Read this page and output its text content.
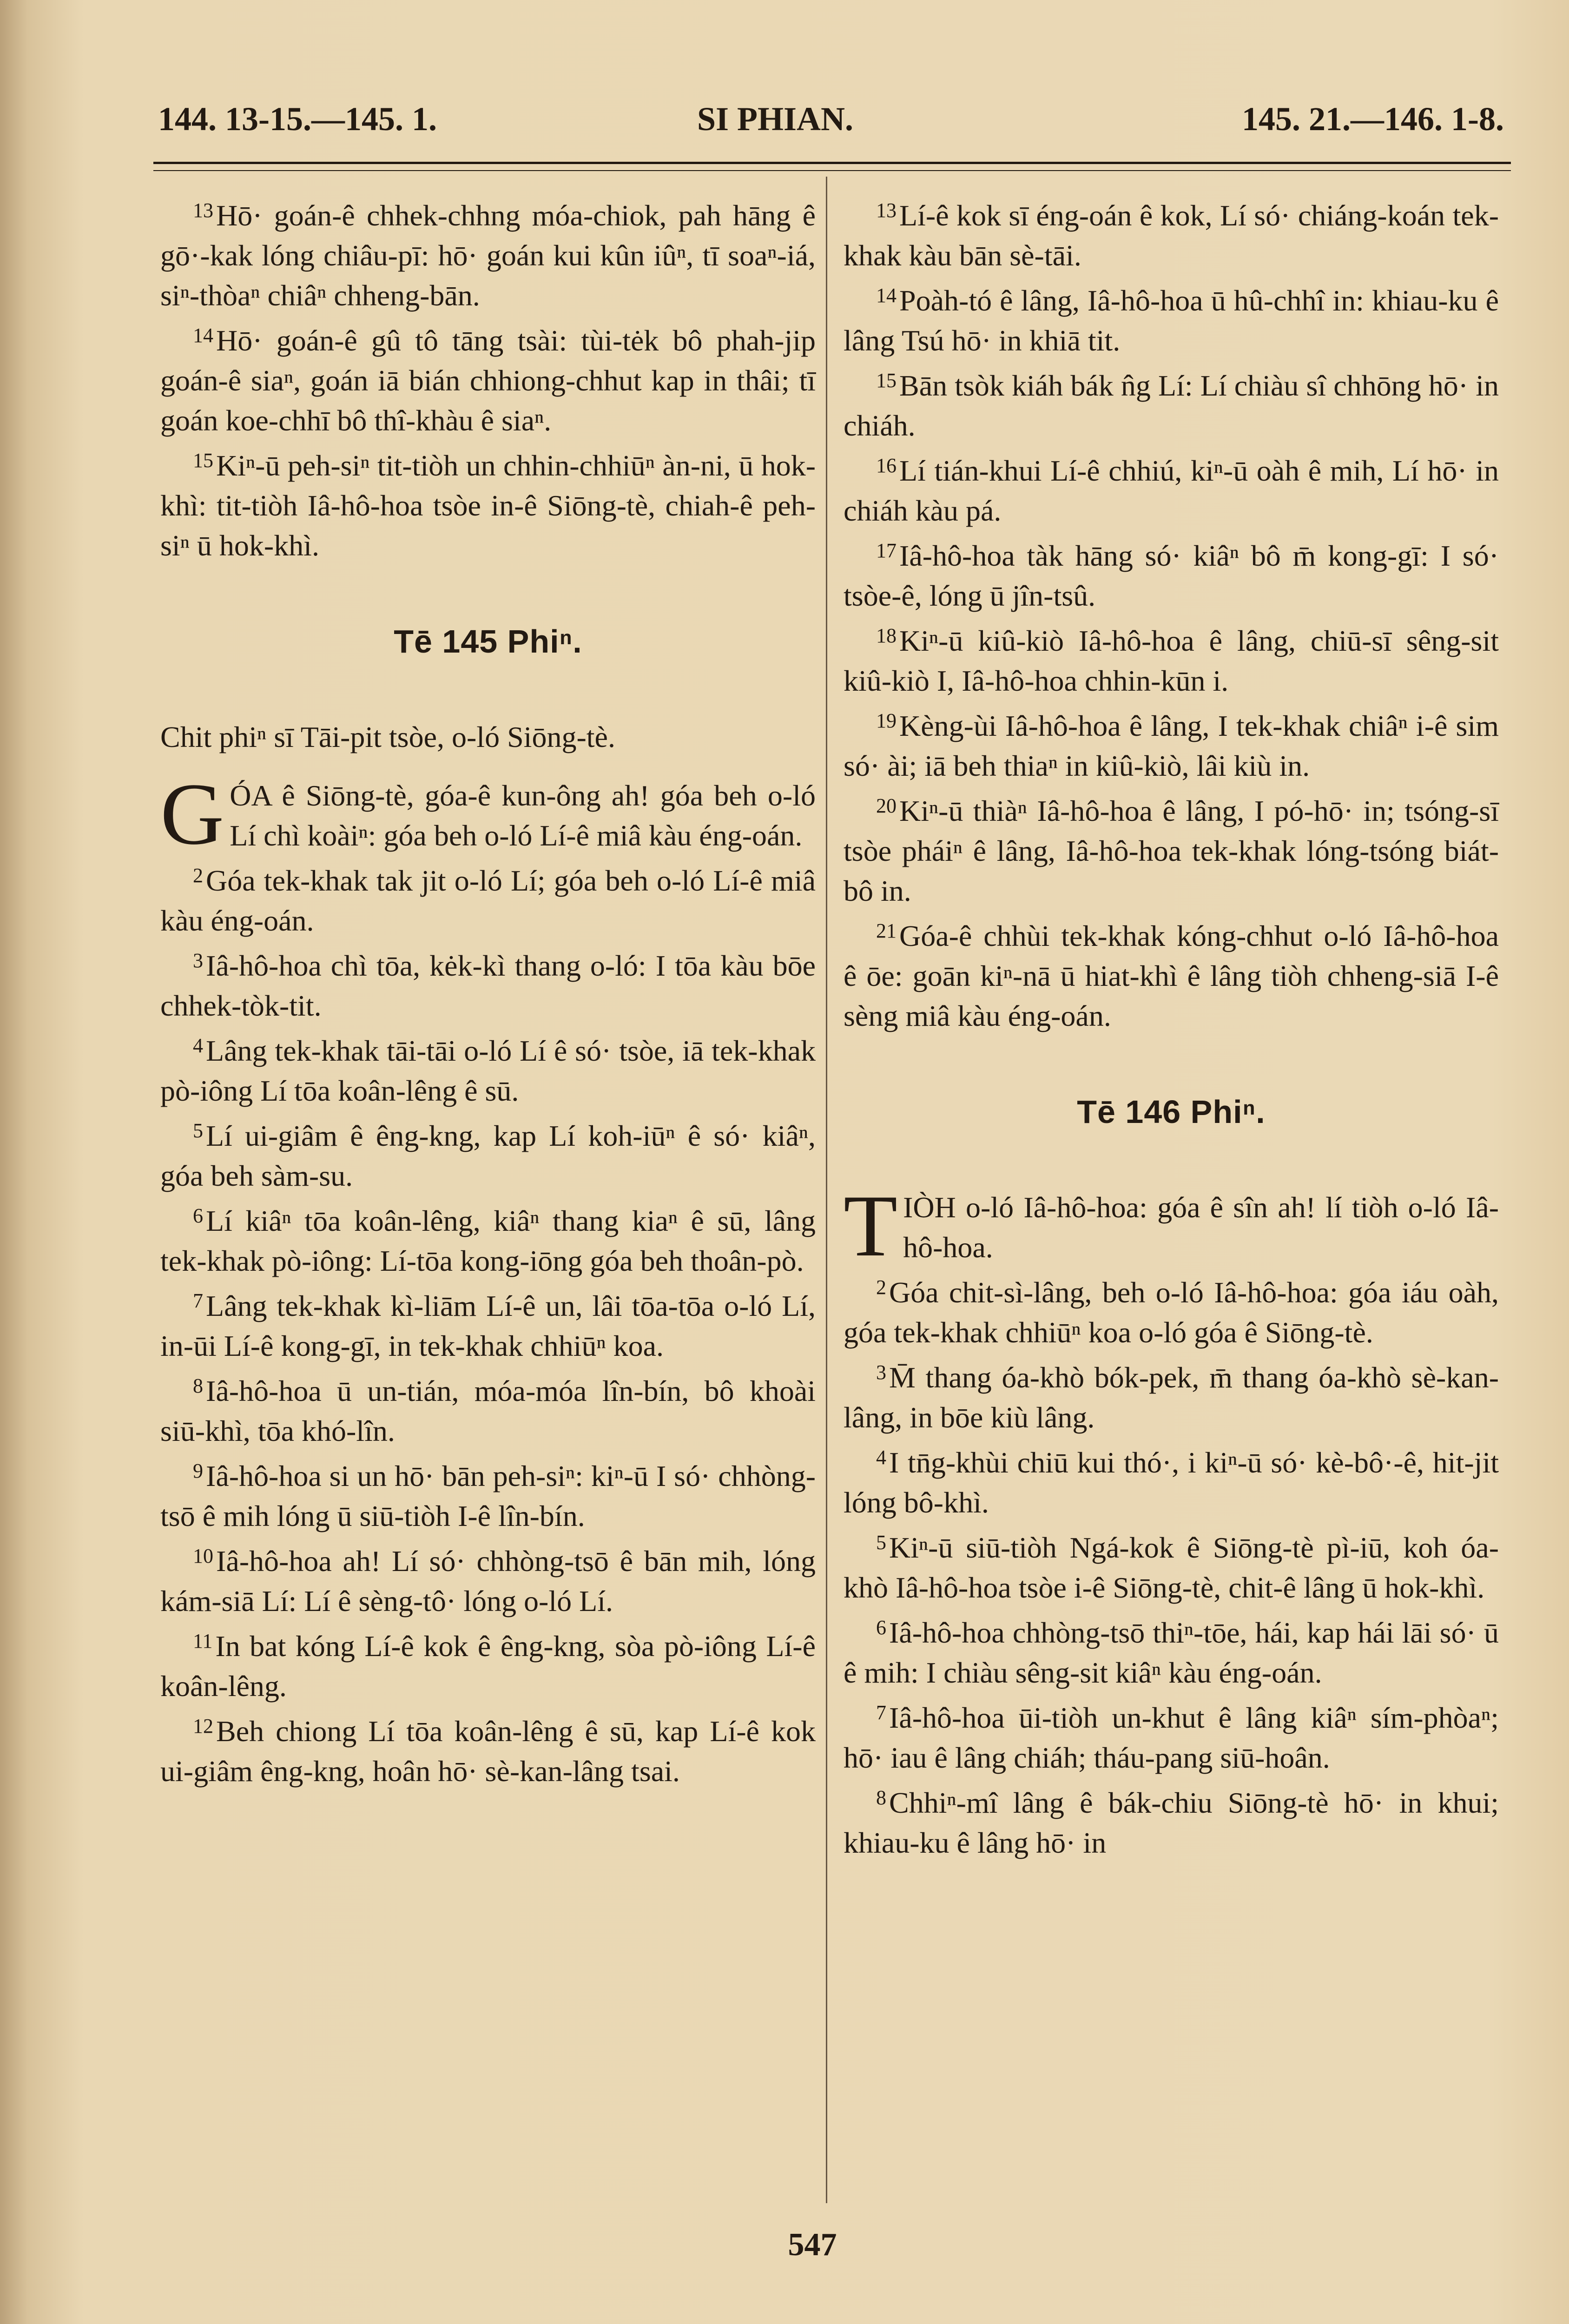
144. 13-15.—145. 1.	SI PHIAN.	145. 21.—146. 1-8.

$^{13}$Hō· goán-ê chhek-chhng móa-chiok, pah hāng ê gō·-kak lóng chiâu-pī: hō· goán kui kûn iûⁿ, tī soaⁿ-iá, siⁿ-thòaⁿ chiâⁿ chheng-bān.

$^{14}$Hō· goán-ê gû tô tāng tsài: tùi-tėk bô phah-jip goán-ê siaⁿ, goán iā bián chhiong-chhut kap in thâi; tī goán koe-chhī bô thî-khàu ê siaⁿ.

$^{15}$Kiⁿ-ū peh-siⁿ tit-tiòh un chhin-chhiūⁿ àn-ni, ū hok-khì: tit-tiòh Iâ-hô-hoa tsòe in-ê Siōng-tè, chiah-ê peh-siⁿ ū hok-khì.

Tē 145 Phiⁿ.

Chit phiⁿ sī Tāi-pit tsòe, o-ló Siōng-tè.

GÓA ê Siōng-tè, góa-ê kun-ông ah! góa beh o-ló Lí chì koàiⁿ: góa beh o-ló Lí-ê miâ kàu éng-oán.

$^2$Góa tek-khak tak jit o-ló Lí; góa beh o-ló Lí-ê miâ kàu éng-oán.

$^3$Iâ-hô-hoa chì tōa, kėk-kì thang o-ló: I tōa kàu bōe chhek-tòk-tit.

$^4$Lâng tek-khak tāi-tāi o-ló Lí ê só· tsòe, iā tek-khak pò-iông Lí tōa koân-lêng ê sū.

$^5$Lí ui-giâm ê êng-kng, kap Lí koh-iūⁿ ê só· kiâⁿ, góa beh sàm-su.

$^6$Lí kiâⁿ tōa koân-lêng, kiâⁿ thang kiaⁿ ê sū, lâng tek-khak pò-iông: Lí-tōa kong-iōng góa beh thoân-pò.

$^7$Lâng tek-khak kì-liām Lí-ê un, lâi tōa-tōa o-ló Lí, in-ūi Lí-ê kong-gī, in tek-khak chhiūⁿ koa.

$^8$Iâ-hô-hoa ū un-tián, móa-móa lîn-bín, bô khoài siū-khì, tōa khó-lîn.

$^9$Iâ-hô-hoa si un hō· bān peh-siⁿ: kiⁿ-ū I só· chhòng-tsō ê mih lóng ū siū-tiòh I-ê lîn-bín.

$^{10}$Iâ-hô-hoa ah! Lí só· chhòng-tsō ê bān mih, lóng kám-siā Lí: Lí ê sèng-tô· lóng o-ló Lí.

$^{11}$In bat kóng Lí-ê kok ê êng-kng, sòa pò-iông Lí-ê koân-lêng.

$^{12}$Beh chiong Lí tōa koân-lêng ê sū, kap Lí-ê kok ui-giâm êng-kng, hoân hō· sè-kan-lâng tsai.

$^{13}$Lí-ê kok sī éng-oán ê kok, Lí só· chiáng-koán tek-khak kàu bān sè-tāi.

$^{14}$Poàh-tó ê lâng, Iâ-hô-hoa ū hû-chhî in: khiau-ku ê lâng Tsú hō· in khiā tit.

$^{15}$Bān tsòk kiáh bák n̂g Lí: Lí chiàu sî chhōng hō· in chiáh.

$^{16}$Lí tián-khui Lí-ê chhiú, kiⁿ-ū oàh ê mih, Lí hō· in chiáh kàu pá.

$^{17}$Iâ-hô-hoa tàk hāng só· kiâⁿ bô m̄ kong-gī: I só· tsòe-ê, lóng ū jîn-tsû.

$^{18}$Kiⁿ-ū kiû-kiò Iâ-hô-hoa ê lâng, chiū-sī sêng-sit kiû-kiò I, Iâ-hô-hoa chhin-kūn i.

$^{19}$Kèng-ùi Iâ-hô-hoa ê lâng, I tek-khak chiâⁿ i-ê sim só· ài; iā beh thiaⁿ in kiû-kiò, lâi kiù in.

$^{20}$Kiⁿ-ū thiàⁿ Iâ-hô-hoa ê lâng, I pó-hō· in; tsóng-sī tsòe pháiⁿ ê lâng, Iâ-hô-hoa tek-khak lóng-tsóng biát-bô in.

$^{21}$Góa-ê chhùi tek-khak kóng-chhut o-ló Iâ-hô-hoa ê ōe: goān kiⁿ-nā ū hiat-khì ê lâng tiòh chheng-siā I-ê sèng miâ kàu éng-oán.

Tē 146 Phiⁿ.

TIÒH o-ló Iâ-hô-hoa: góa ê sîn ah! lí tiòh o-ló Iâ-hô-hoa.

$^2$Góa chit-sì-lâng, beh o-ló Iâ-hô-hoa: góa iáu oàh, góa tek-khak chhiūⁿ koa o-ló góa ê Siōng-tè.

$^3$M̄ thang óa-khò bók-pek, m̄ thang óa-khò sè-kan-lâng, in bōe kiù lâng.

$^4$I tn̄g-khùi chiū kui thó·, i kiⁿ-ū só· kè-bô·-ê, hit-jit lóng bô-khì.

$^5$Kiⁿ-ū siū-tiòh Ngá-kok ê Siōng-tè pì-iū, koh óa-khò Iâ-hô-hoa tsòe i-ê Siōng-tè, chit-ê lâng ū hok-khì.

$^6$Iâ-hô-hoa chhòng-tsō thiⁿ-tōe, hái, kap hái lāi só· ū ê mih: I chiàu sêng-sit kiâⁿ kàu éng-oán.

$^7$Iâ-hô-hoa ūi-tiòh un-khut ê lâng kiâⁿ sím-phòaⁿ; hō· iau ê lâng chiáh; tháu-pang siū-hoân.

$^8$Chhiⁿ-mî lâng ê bák-chiu Siōng-tè hō· in khui; khiau-ku ê lâng hō· in

547
